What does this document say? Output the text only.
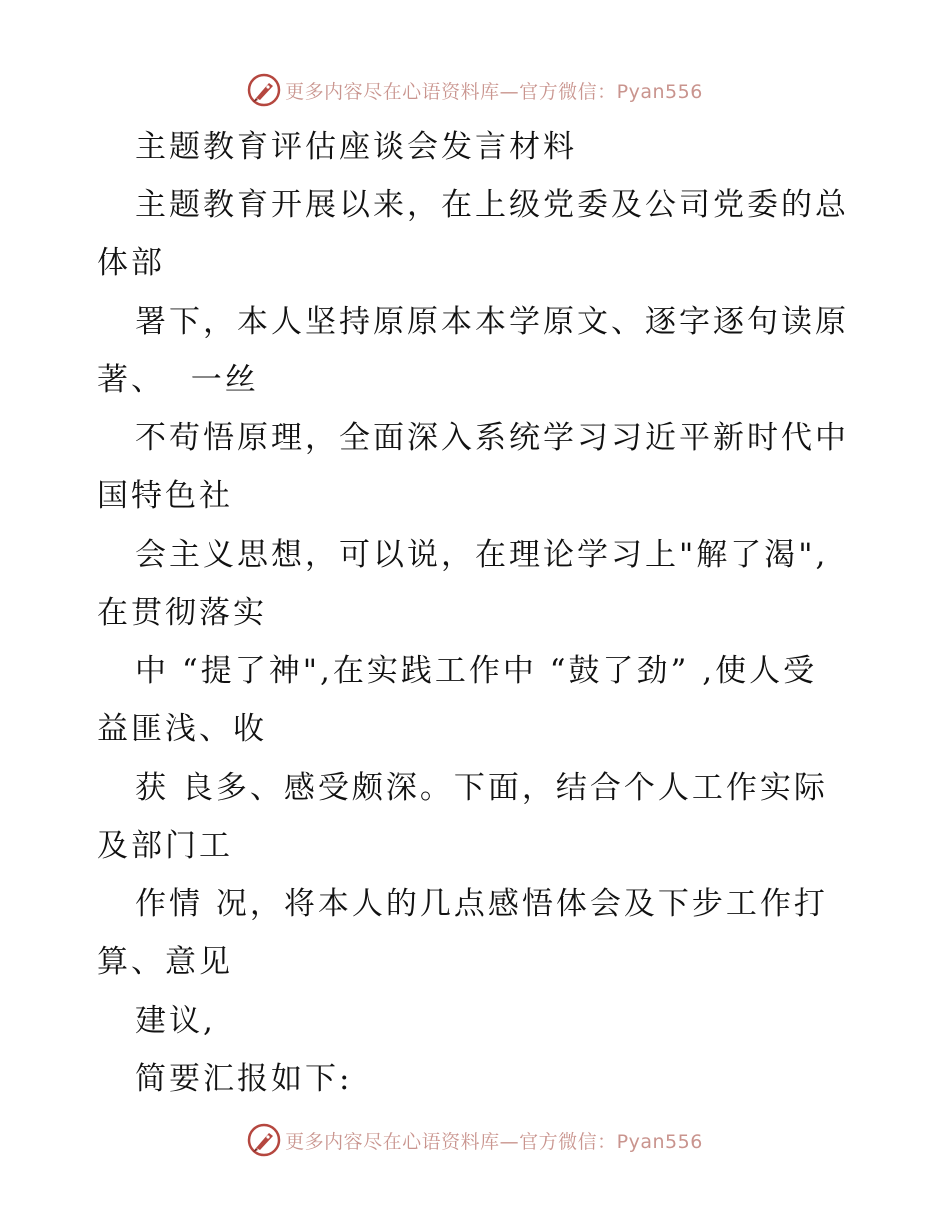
更多内容尽在心语资料库—官方微信：Pyan556
主题教育评估座谈会发言材料
主题教育开展以来，在上级党委及公司党委的总
体部
署下，本人坚持原原本本学原文、逐字逐句读原
著、  一丝
不苟悟原理，全面深入系统学习习近平新时代中
国特色社
会主义思想，可以说，在理论学习上"解了渴",
在贯彻落实
中 “提了神",在实践工作中 “鼓了劲” ,使人受
益匪浅、收
获 良多、感受颇深。下面，结合个人工作实际
及部门工
作情 况，将本人的几点感悟体会及下步工作打
算、意见
建议,
简要汇报如下:
更多内容尽在心语资料库—官方微信：Pyan556
